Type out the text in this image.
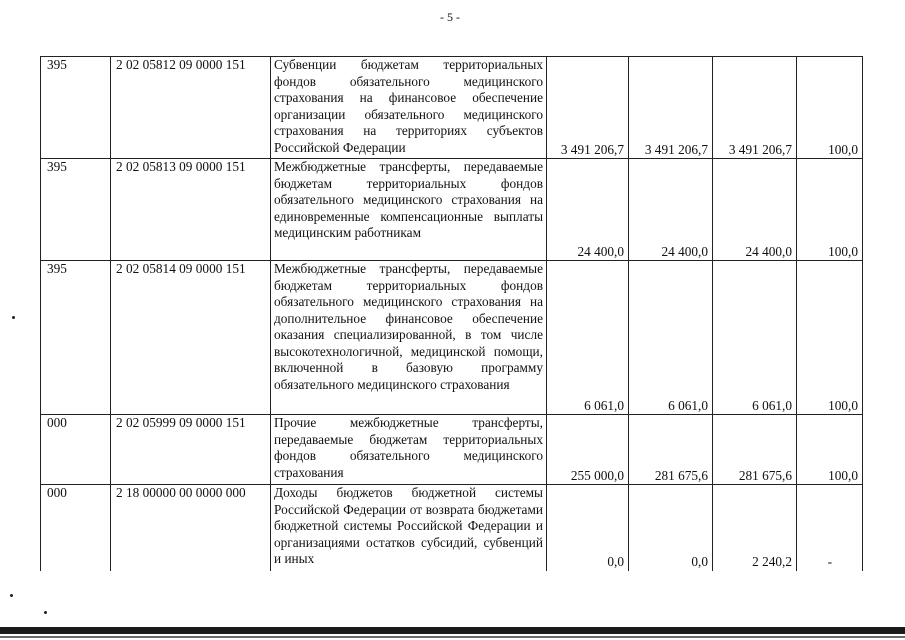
- 5 -
395	2 02 05812 09 0000 151	Субвенции бюджетам территориальных фондов обязательного медицинского страхования на финансовое обеспечение организации обязательного медицинского страхования на территориях субъектов Российской Федерации	3 491 206,7	3 491 206,7	3 491 206,7	100,0
395	2 02 05813 09 0000 151	Межбюджетные трансферты, передаваемые бюджетам территориальных фондов обязательного медицинского страхования на единовременные компенсационные выплаты медицинским работникам	24 400,0	24 400,0	24 400,0	100,0
395	2 02 05814 09 0000 151	Межбюджетные трансферты, передаваемые бюджетам территориальных фондов обязательного медицинского страхования на дополнительное финансовое обеспечение оказания специализированной, в том числе высокотехнологичной, медицинской помощи, включенной в базовую программу обязательного медицинского страхования	6 061,0	6 061,0	6 061,0	100,0
000	2 02 05999 09 0000 151	Прочие межбюджетные трансферты, передаваемые бюджетам территориальных фондов обязательного медицинского страхования	255 000,0	281 675,6	281 675,6	100,0
000	2 18 00000 00 0000 000	Доходы бюджетов бюджетной системы Российской Федерации от возврата бюджетами бюджетной системы Российской Федерации и организациями остатков субсидий, субвенций и иных	0,0	0,0	2 240,2	-
